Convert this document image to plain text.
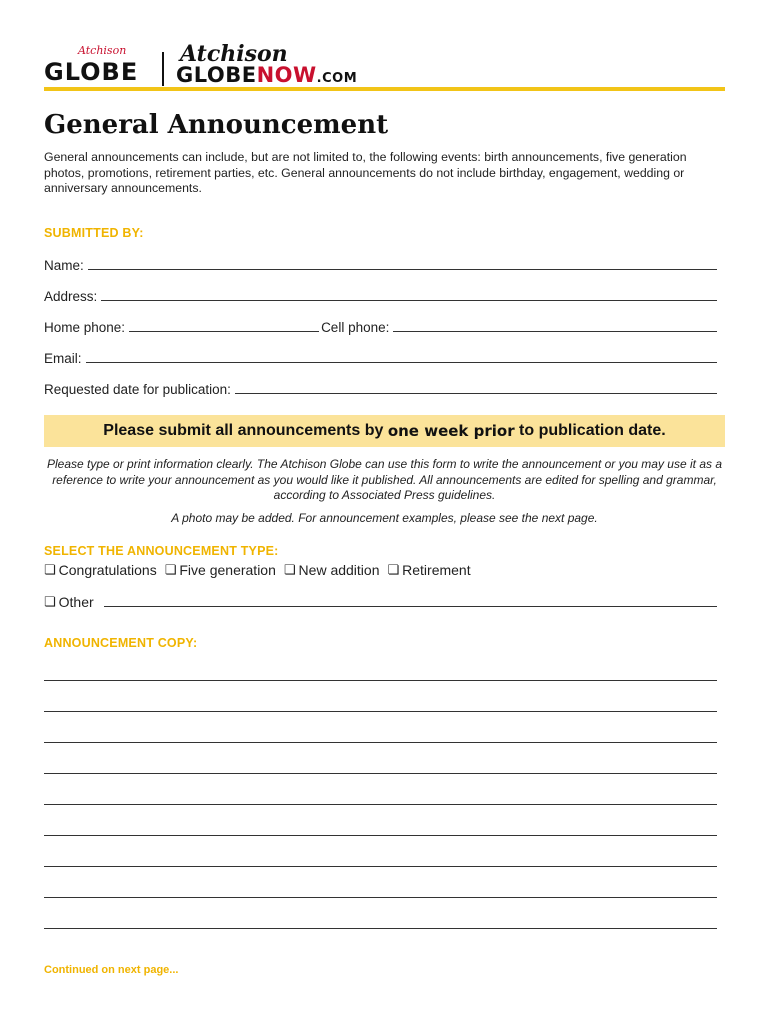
Atchison
GLOBE
Atchison
GLOBENOW.COM
General Announcement
General announcements can include, but are not limited to, the following events: birth announcements, five generation photos, promotions, retirement parties, etc. General announcements do not include birthday, engagement, wedding or anniversary announcements.
SUBMITTED BY:
Name:
Address:
Home phone:	Cell phone:
Email:
Requested date for publication:
Please submit all announcements by
one week prior
to publication date.
Please type or print information clearly. The Atchison Globe can use this form to write the announcement or you may use it as a reference to write your announcement as you would like it published. All announcements are edited for spelling and grammar, according to Associated Press guidelines.
A photo may be added. For announcement examples, please see the next page.
SELECT THE ANNOUNCEMENT TYPE:
❏ Congratulations ❏ Five generation ❏ New addition ❏ Retirement
❏ Other
ANNOUNCEMENT COPY:
Continued on next page...
